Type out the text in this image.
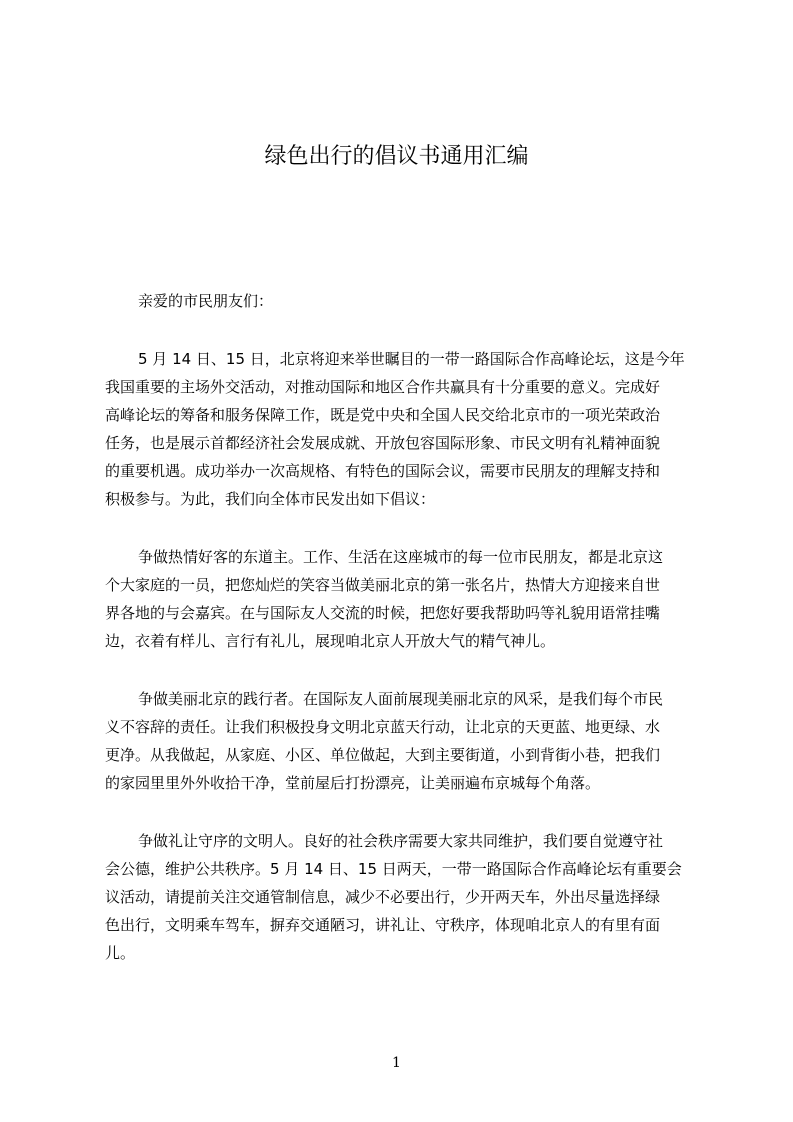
绿色出行的倡议书通用汇编
亲爱的市民朋友们：
5 月 14 日、15 日，北京将迎来举世瞩目的一带一路国际合作高峰论坛，这是今年
我国重要的主场外交活动，对推动国际和地区合作共赢具有十分重要的意义。完成好
高峰论坛的筹备和服务保障工作，既是党中央和全国人民交给北京市的一项光荣政治
任务，也是展示首都经济社会发展成就、开放包容国际形象、市民文明有礼精神面貌
的重要机遇。成功举办一次高规格、有特色的国际会议，需要市民朋友的理解支持和
积极参与。为此，我们向全体市民发出如下倡议：
争做热情好客的东道主。工作、生活在这座城市的每一位市民朋友，都是北京这
个大家庭的一员，把您灿烂的笑容当做美丽北京的第一张名片，热情大方迎接来自世
界各地的与会嘉宾。在与国际友人交流的时候，把您好要我帮助吗等礼貌用语常挂嘴
边，衣着有样儿、言行有礼儿，展现咱北京人开放大气的精气神儿。
争做美丽北京的践行者。在国际友人面前展现美丽北京的风采，是我们每个市民
义不容辞的责任。让我们积极投身文明北京蓝天行动，让北京的天更蓝、地更绿、水
更净。从我做起，从家庭、小区、单位做起，大到主要街道，小到背街小巷，把我们
的家园里里外外收拾干净，堂前屋后打扮漂亮，让美丽遍布京城每个角落。
争做礼让守序的文明人。良好的社会秩序需要大家共同维护，我们要自觉遵守社
会公德，维护公共秩序。5 月 14 日、15 日两天，一带一路国际合作高峰论坛有重要会
议活动，请提前关注交通管制信息，减少不必要出行，少开两天车，外出尽量选择绿
色出行，文明乘车驾车，摒弃交通陋习，讲礼让、守秩序，体现咱北京人的有里有面
儿。
1
